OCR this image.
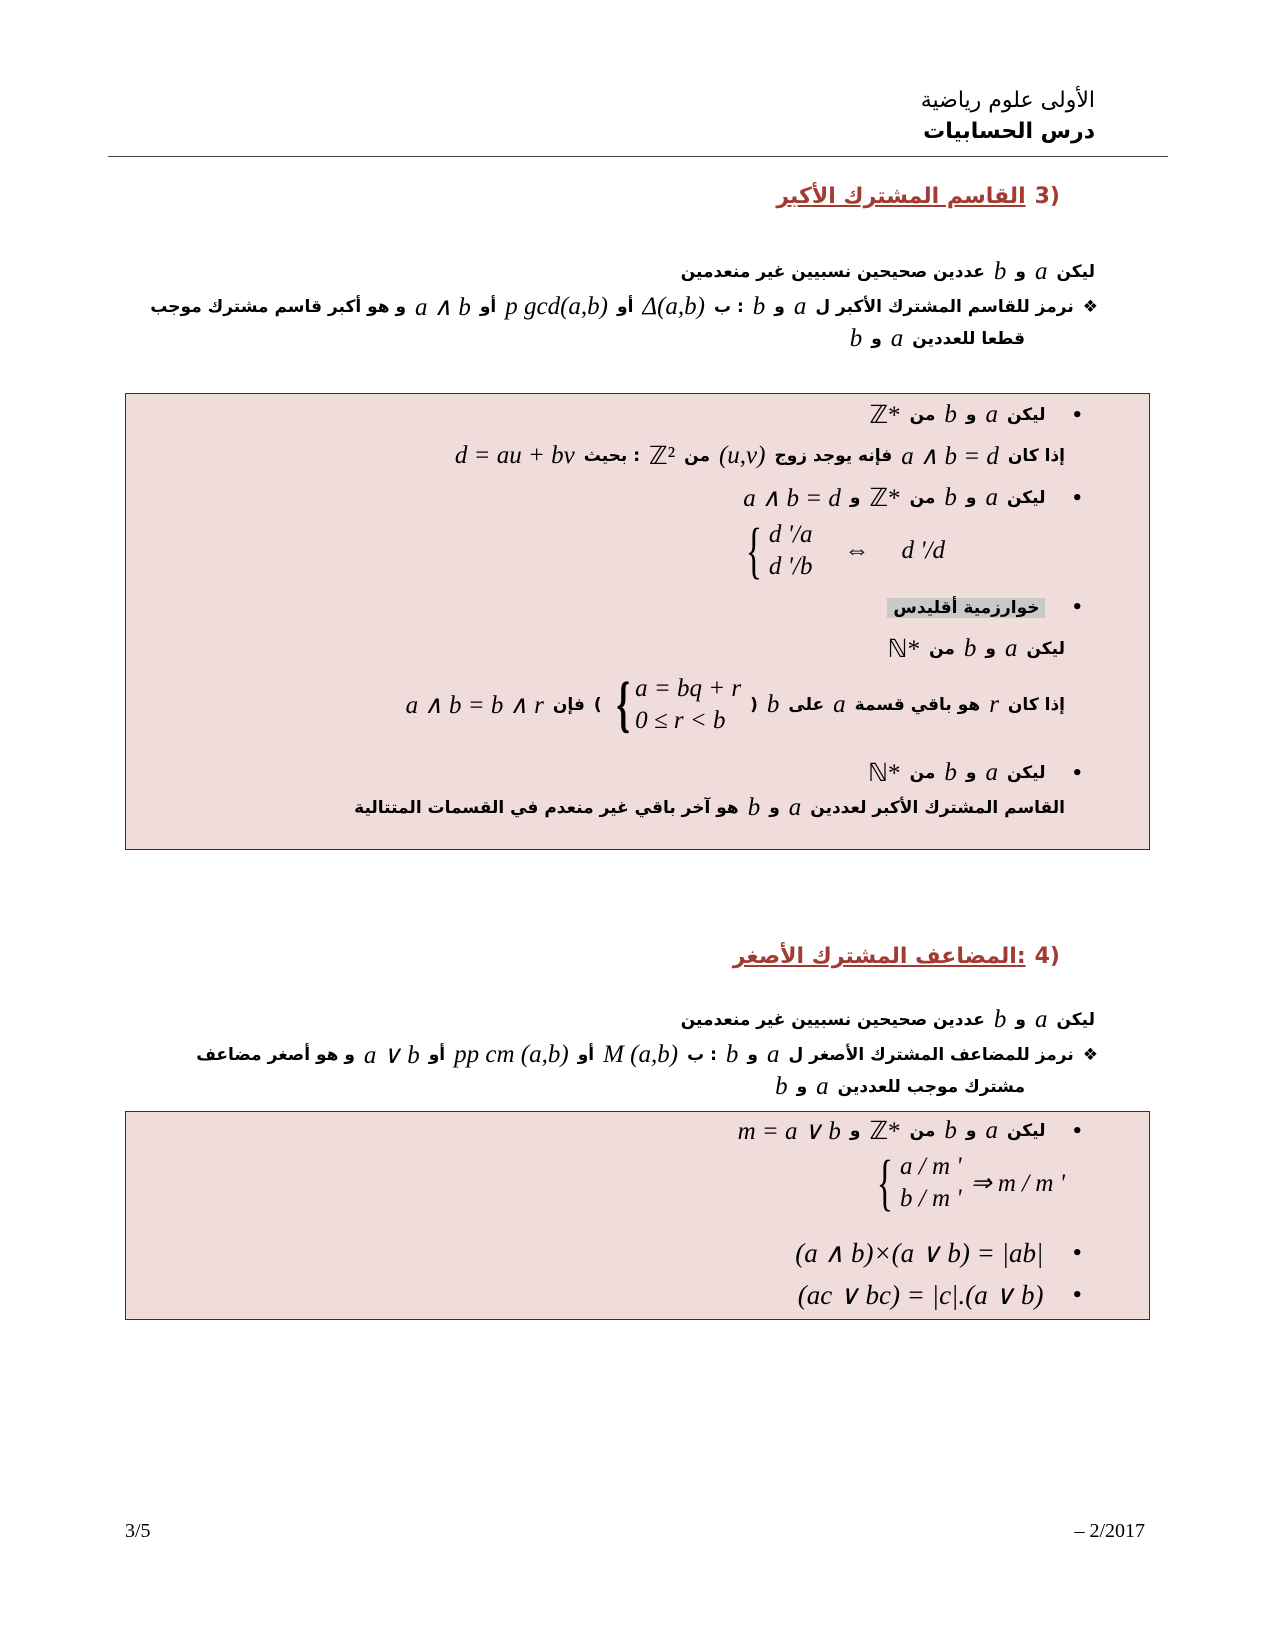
الأولى علوم رياضية
درس الحسابيات
3)
القاسم المشترك الأكبر
ليكن
a
و
b
عددين صحيحين نسبيين غير منعدمين
❖
نرمز للقاسم المشترك الأكبر ل
a
و
b
ب :
Δ(a,b)
أو
p gcd(a,b)
أو
a ∧ b
و هو أكبر قاسم مشترك موجب
قطعا للعددين
a
و
b
•
ليكن
a
و
b
من
ℤ*
إذا كان
a ∧ b = d
فإنه يوجد زوج
(u,v)
من
ℤ²
بحيث :
d = au + bv
•
ليكن
a
و
b
من
ℤ*
و
a ∧ b = d
d '/d
⇔
{ d '/a
d '/b
•
خوارزمية أقليدس
ليكن
a
و
b
من
ℕ*
إذا كان
r
هو باقي قسمة
a
على
b
)
{ a = bq + r
0 ≤ r < b
(
فإن
a ∧ b = b ∧ r
•
ليكن
a
و
b
من
ℕ*
القاسم المشترك الأكبر لعددين
a
و
b
هو آخر باقي غير منعدم في القسمات المتتالية
4)
المضاعف المشترك الأصغر:
ليكن
a
و
b
عددين صحيحين نسبيين غير منعدمين
❖
نرمز للمضاعف المشترك الأصغر ل
a
و
b
ب :
M (a,b)
أو
pp cm (a,b)
أو
a ∨ b
و هو أصغر مضاعف
مشترك موجب للعددين
a
و
b
•
ليكن
a
و
b
من
ℤ*
و
m = a ∨ b
⇒ m / m '
{ a / m '
b / m '
•
(a ∧ b)×(a ∨ b) = |ab|
•
(ac ∨ bc) = |c|.(a ∨ b)
3/5	– 2/2017
